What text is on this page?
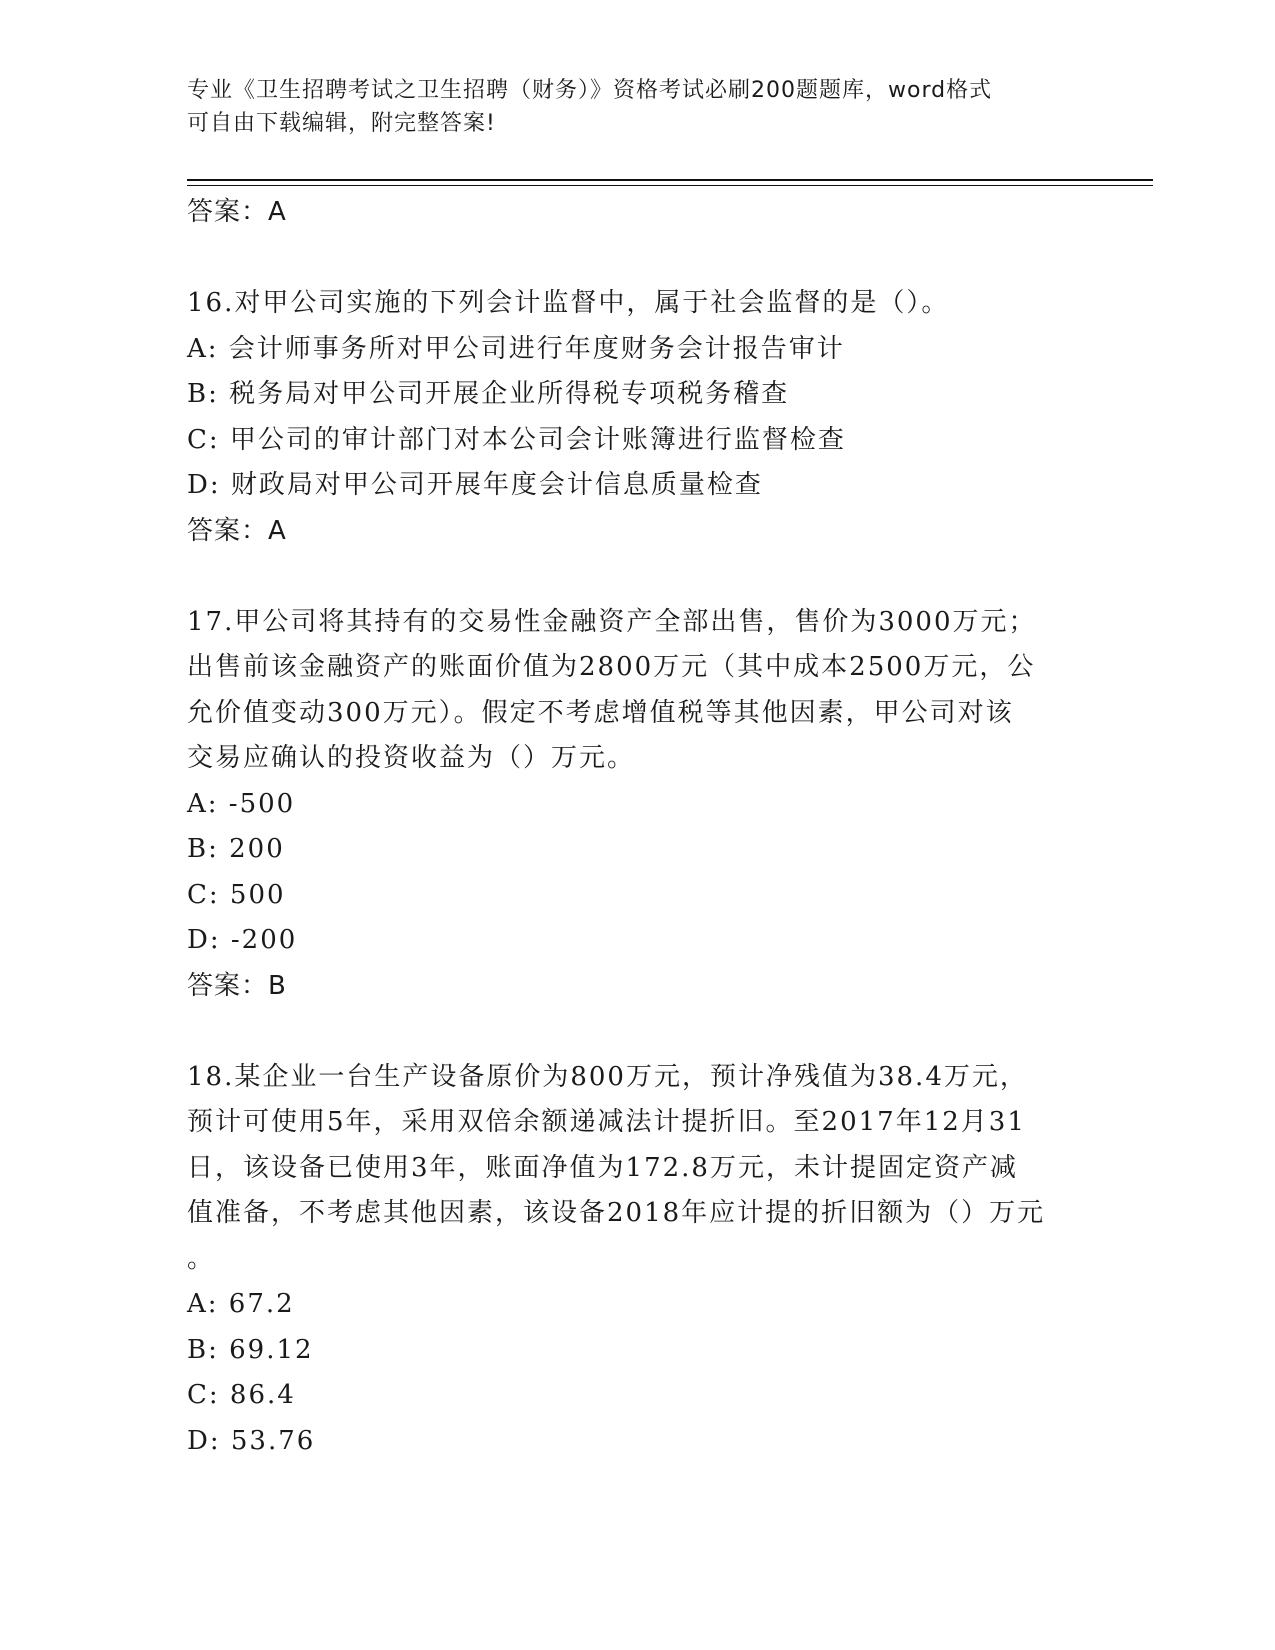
专业《卫生招聘考试之卫生招聘（财务）》资格考试必刷200题题库，word格式
可自由下载编辑，附完整答案!
答案：A
16.对甲公司实施的下列会计监督中，属于社会监督的是（）。
A: 会计师事务所对甲公司进行年度财务会计报告审计
B: 税务局对甲公司开展企业所得税专项税务稽查
C: 甲公司的审计部门对本公司会计账簿进行监督检查
D: 财政局对甲公司开展年度会计信息质量检查
答案：A
17.甲公司将其持有的交易性金融资产全部出售，售价为3000万元；
出售前该金融资产的账面价值为2800万元（其中成本2500万元，公
允价值变动300万元）。假定不考虑增值税等其他因素，甲公司对该
交易应确认的投资收益为（）万元。
A: -500
B: 200
C: 500
D: -200
答案：B
18.某企业一台生产设备原价为800万元，预计净残值为38.4万元，
预计可使用5年，采用双倍余额递减法计提折旧。至2017年12月31
日，该设备已使用3年，账面净值为172.8万元，未计提固定资产减
值准备，不考虑其他因素，该设备2018年应计提的折旧额为（）万元
。
A: 67.2
B: 69.12
C: 86.4
D: 53.76
